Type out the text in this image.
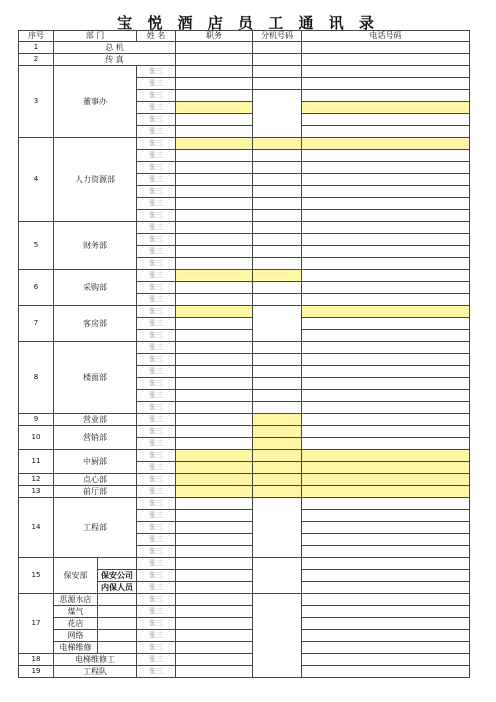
宝 悦 酒 店 员 工 通 讯 录
序号	部 门		姓 名	职务	分机号码	电话号码
1	总 机					
2	传 真					
3	董事办		张三			
			张三			
			张三			
			张三			
			张三			
			张三			
4	人力资源部		张三			
			张三			
			张三			
			张三			
			张三			
			张三			
			张三			
5	财务部		张三			
			张三			
			张三			
			张三			
6	采购部		张三			
			张三			
			张三			
7	客房部		张三			
			张三			
			张三			
8	楼面部		张三			
			张三			
			张三			
			张三			
			张三			
			张三			
9	营业部		张三			
10	营销部		张三			
			张三			
11	中厨部		张三			
			张三			
12	点心部		张三			
13	前厅部		张三			
14	工程部		张三			
			张三			
			张三			
			张三			
			张三			
15	保安部		张三			
		保安公司	张三			
		内保人员	张三			
17	思源水店		张三			
	煤气		张三			
	花店		张三			
	网络		张三			
	电梯维修		张三			
18	电梯维修工		张三			
19	工程队		张三			
